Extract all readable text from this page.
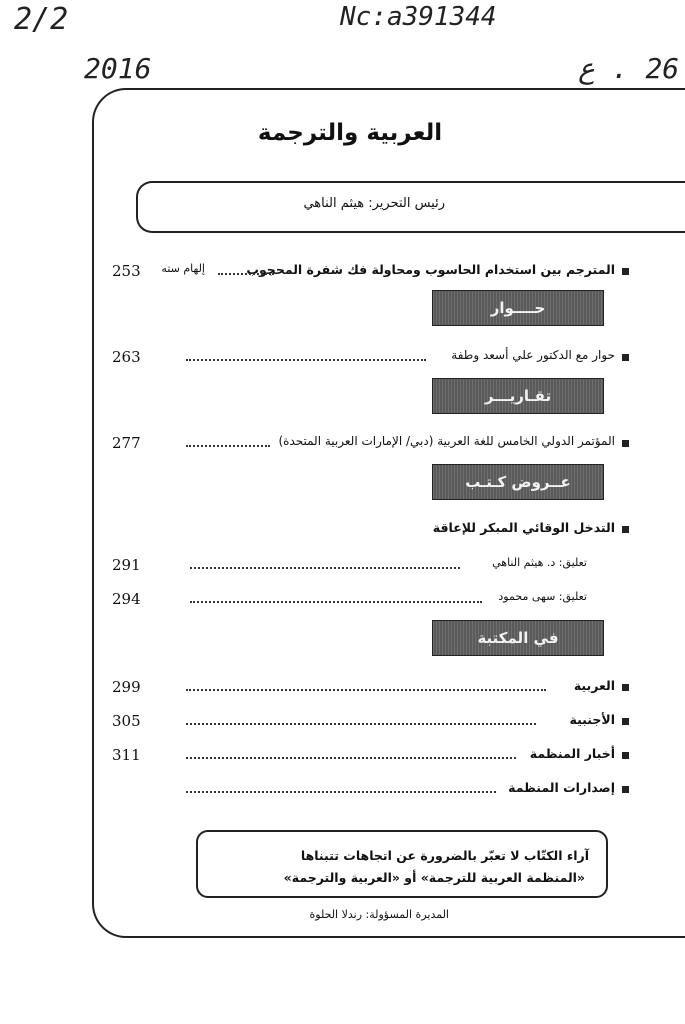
2/2	Nc:a391344
2016	26 . ع
العربية والترجمة
رئيس التحرير: هيثم الناهي
المترجم بين استخدام الحاسوب ومحاولة فك شفرة المحجوب
إلهام سته
253
حــــوار
حوار مع الدكتور علي أسعد وطفة
263
تقـاريـــر
المؤتمر الدولي الخامس للغة العربية (دبي/ الإمارات العربية المتحدة)
277
عــروض كـتـب
التدخل الوقائي المبكر للإعاقة
تعليق: د. هيثم الناهي
291
تعليق: سهى محمود
294
في المكتبة
العربية
299
الأجنبية
305
أخبار المنظمة
311
إصدارات المنظمة
آراء الكتّاب لا تعبّر بالضرورة عن اتجاهات تتبناها
«المنظمة العربية للترجمة» أو «العربية والترجمة»
المديرة المسؤولة: رندلا الحلوة
